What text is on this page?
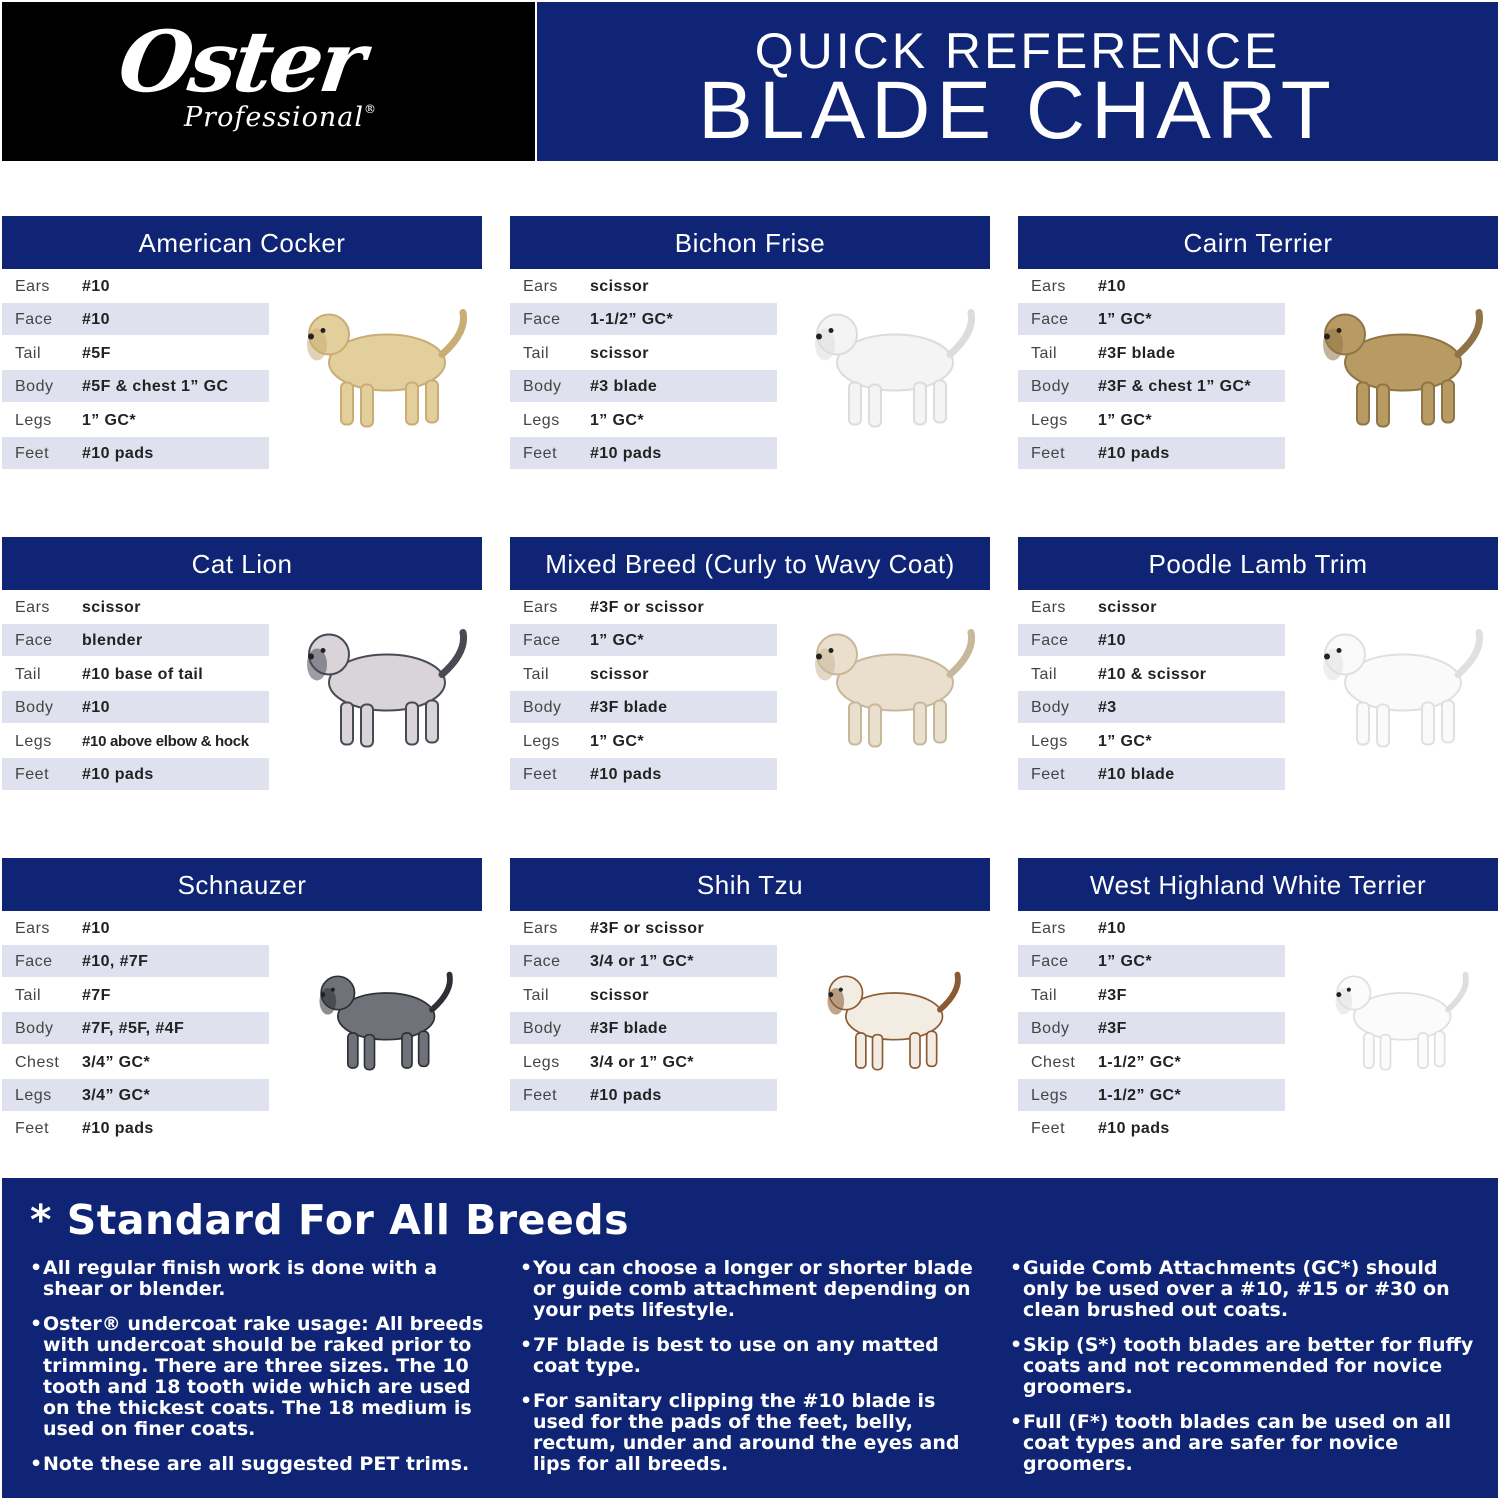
Oster
Professional®
QUICK REFERENCE
BLADE CHART
American Cocker
Ears #10
Face #10
Tail	#5F
Body #5F & chest 1” GC
Legs 1” GC*
Feet #10 pads
Bichon Frise
Ears scissor
Face 1-1/2” GC*
Tail	scissor
Body #3 blade
Legs 1” GC*
Feet #10 pads
Cairn Terrier
Ears #10
Face 1” GC*
Tail	#3F blade
Body #3F & chest 1” GC*
Legs 1” GC*
Feet #10 pads
Cat Lion
Ears scissor
Face blender
Tail	#10 base of tail
Body #10
Legs #10 above elbow & hock
Feet #10 pads
Mixed Breed (Curly to Wavy Coat)
Ears #3F or scissor
Face 1” GC*
Tail	scissor
Body #3F blade
Legs 1” GC*
Feet #10 pads
Poodle Lamb Trim
Ears scissor
Face #10
Tail	#10 & scissor
Body #3
Legs 1” GC*
Feet #10 blade
Schnauzer
Ears #10
Face #10, #7F
Tail	#7F
Body #7F, #5F, #4F
Chest 3/4” GC*
Legs 3/4” GC*
Feet #10 pads
Shih Tzu
Ears #3F or scissor
Face 3/4 or 1” GC*
Tail	scissor
Body #3F blade
Legs 3/4 or 1” GC*
Feet #10 pads
West Highland White Terrier
Ears #10
Face 1” GC*
Tail	#3F
Body #3F
Chest 1-1/2” GC*
Legs 1-1/2” GC*
Feet #10 pads
* Standard For All Breeds
• All regular finish work is done with a shear or blender.
• Oster® undercoat rake usage: All breeds with undercoat should be raked prior to trimming. There are three sizes. The 10 tooth and 18 tooth wide which are used on the thickest coats. The 18 medium is used on finer coats.
• Note these are all suggested PET trims.
• You can choose a longer or shorter blade or guide comb attachment depending on your pets lifestyle.
• 7F blade is best to use on any matted coat type.
• For sanitary clipping the #10 blade is used for the pads of the feet, belly, rectum, under and around the eyes and lips for all breeds.
• Guide Comb Attachments (GC*) should only be used over a #10, #15 or #30 on clean brushed out coats.
• Skip (S*) tooth blades are better for fluffy coats and not recommended for novice groomers.
• Full (F*) tooth blades can be used on all coat types and are safer for novice groomers.
